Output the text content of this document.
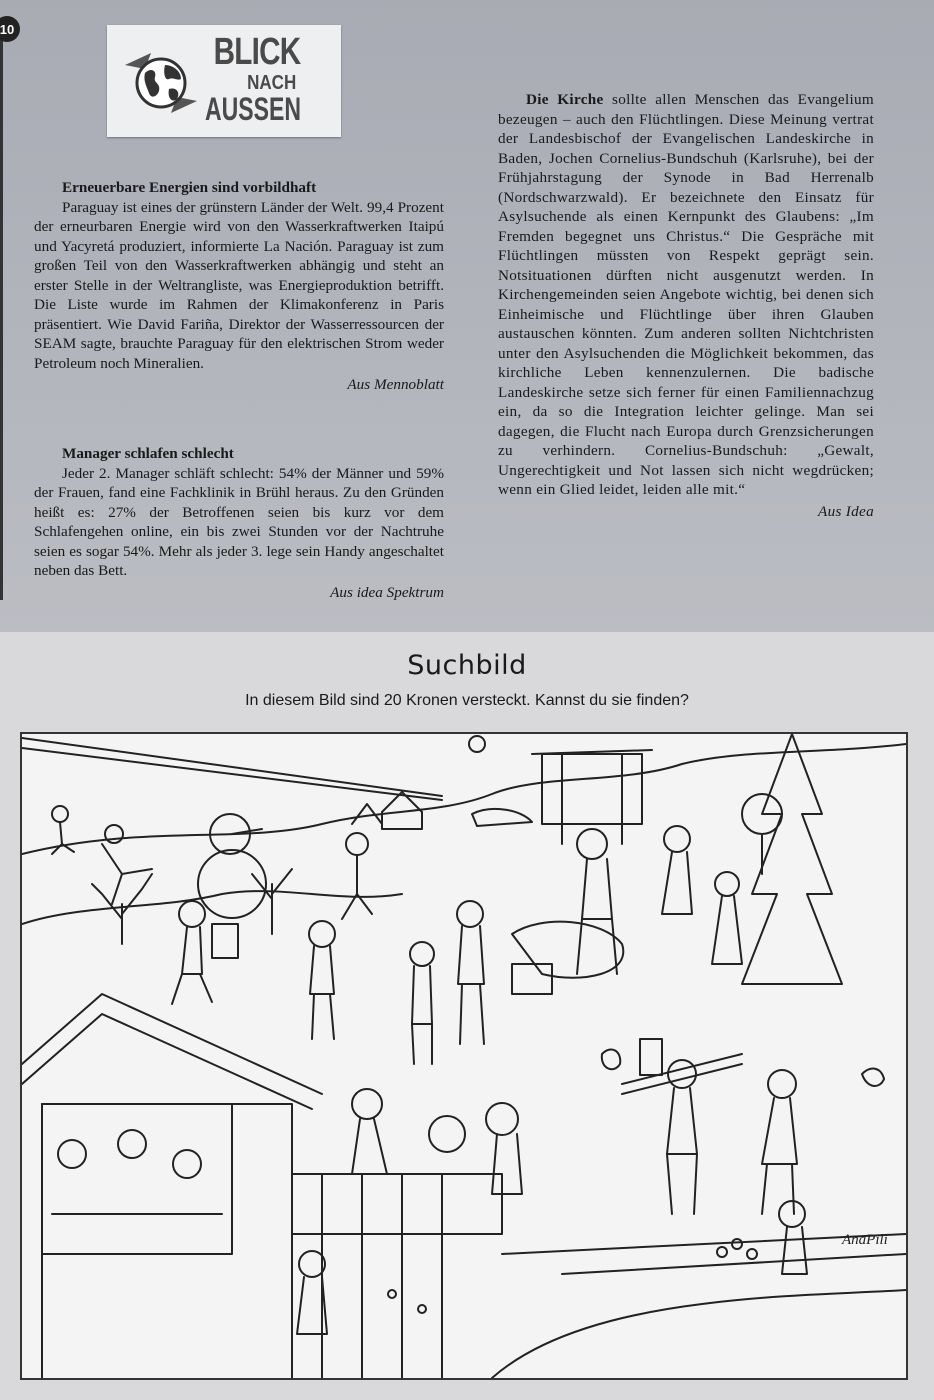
10
BLICK
NACH
AUSSEN
Erneuerbare Energien sind vorbildhaft
Paraguay ist eines der grünstern Länder der Welt. 99,4 Prozent der erneurbaren Energie wird von den Wasserkraftwerken Itaipú und Yacyretá produziert, informierte La Nación. Paraguay ist zum großen Teil von den Wasserkraftwerken abhängig und steht an erster Stelle in der Weltrangliste, was Energieproduktion betrifft. Die Liste wurde im Rahmen der Klimakonferenz in Paris präsentiert. Wie David Fariña, Direktor der Wasserressourcen der SEAM sagte, brauchte Paraguay für den elektrischen Strom weder Petroleum noch Mineralien.
Aus Mennoblatt
Manager schlafen schlecht
Jeder 2. Manager schläft schlecht: 54% der Männer und 59% der Frauen, fand eine Fachklinik in Brühl heraus. Zu den Gründen heißt es: 27% der Betroffenen seien bis kurz vor dem Schlafengehen online, ein bis zwei Stunden vor der Nachtruhe seien es sogar 54%. Mehr als jeder 3. lege sein Handy angeschaltet neben das Bett.
Aus idea Spektrum
Die Kirche sollte allen Menschen das Evangelium bezeugen – auch den Flüchtlingen. Diese Meinung vertrat der Landesbischof der Evangelischen Landeskirche in Baden, Jochen Cornelius-Bundschuh (Karlsruhe), bei der Frühjahrstagung der Synode in Bad Herrenalb (Nordschwarzwald). Er bezeichnete den Einsatz für Asylsuchende als einen Kernpunkt des Glaubens: „Im Fremden begegnet uns Christus.“ Die Gespräche mit Flüchtlingen müssten von Respekt geprägt sein. Notsituationen dürften nicht ausgenutzt werden. In Kirchengemeinden seien Angebote wichtig, bei denen sich Einheimische und Flüchtlinge über ihren Glauben austauschen könnten. Zum anderen sollten Nichtchristen unter den Asylsuchenden die Möglichkeit bekommen, das kirchliche Leben kennenzulernen. Die badische Landeskirche setze sich ferner für einen Familiennachzug ein, da so die Integration leichter gelinge. Man sei dagegen, die Flucht nach Europa durch Grenzsicherungen zu verhindern. Cornelius-Bundschuh: „Gewalt, Ungerechtigkeit und Not lassen sich nicht wegdrücken; wenn ein Glied leidet, leiden alle mit.“
Aus Idea
Suchbild
In diesem Bild sind 20 Kronen versteckt. Kannst du sie finden?
AnaPili
